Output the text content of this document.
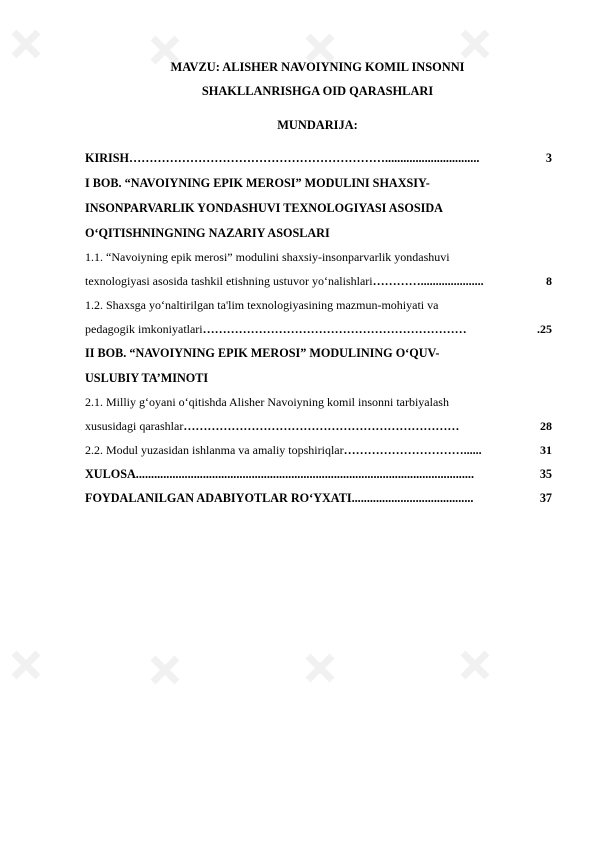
MAVZU: ALISHER NAVOIYNING KOMIL INSONNI
SHAKLLANRISHGA OID QARASHLARI
MUNDARIJA:
KIRISH ………………………………………………………...............................	3
I BOB. “NAVOIYNING EPIK MEROSI” MODULINI SHAXSIY-
INSONPARVARLIK YONDASHUVI TEXNOLOGIYASI ASOSIDA
O‘QITISHNINGNING NAZARIY ASOSLARI
1.1. “Navoiyning epik merosi” modulini shaxsiy-insonparvarlik yondashuvi
texnologiyasi asosida tashkil etishning ustuvor yo‘nalishlari ………….....................	8
1.2. Shaxsga yo‘naltirilgan ta'lim texnologiyasining mazmun-mohiyati va
pedagogik imkoniyatlari …………………………………………………………	.25
II BOB. “NAVOIYNING EPIK MEROSI” MODULINING O‘QUV-
USLUBIY TA’MINOTI
2.1. Milliy g‘oyani o‘qitishda Alisher Navoiyning komil insonni tarbiyalash
xususidagi qarashlar ……………………………………………………………	28
2.2. Modul yuzasidan ishlanma va amaliy topshiriqlar …………………………......	31
XULOSA ...............................................................................................................	35
FOYDALANILGAN ADABIYOTLAR RO‘YXATI ........................................	37
